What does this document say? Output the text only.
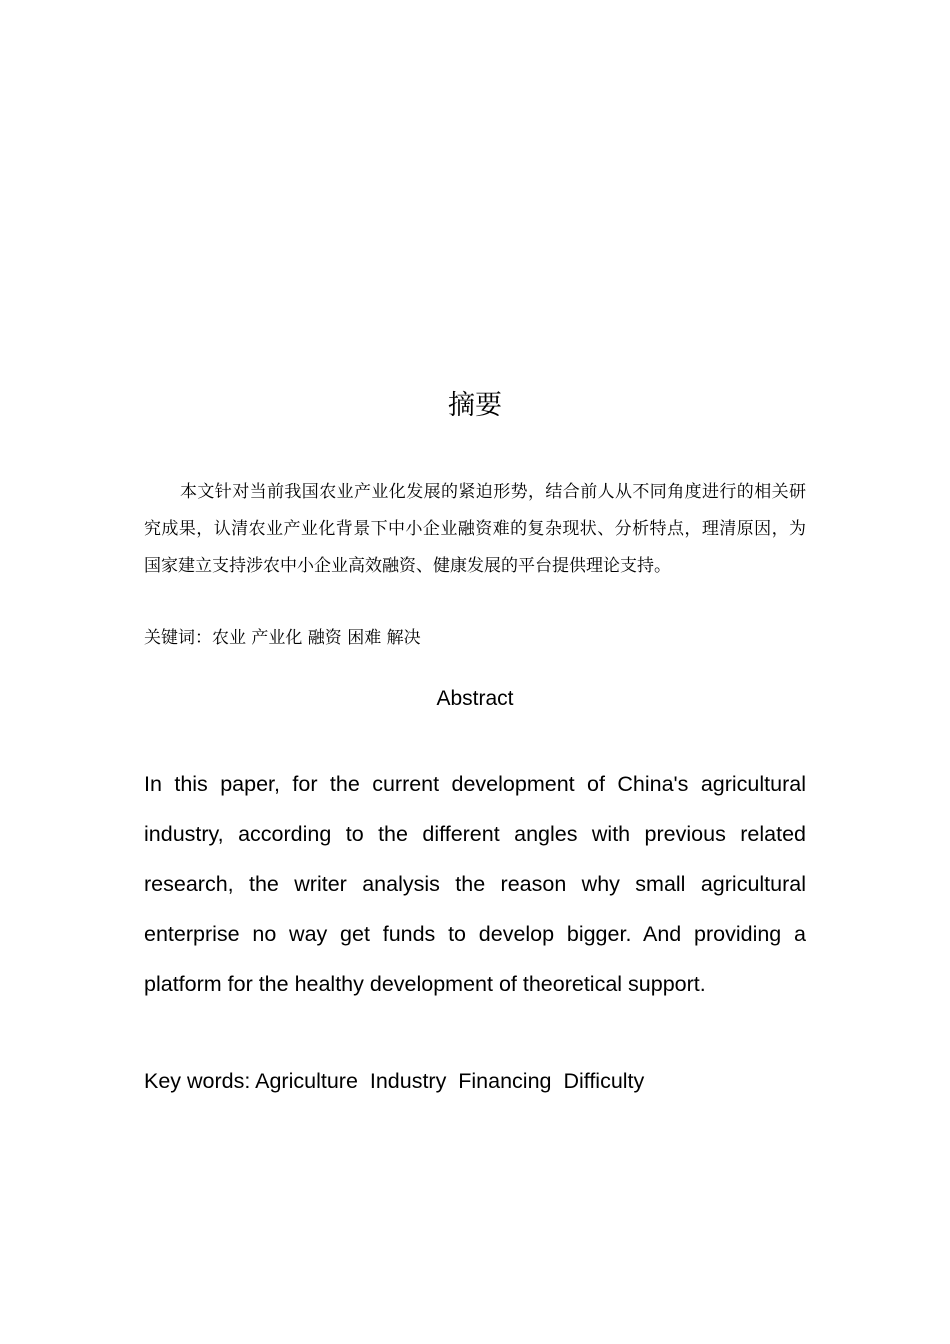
摘要

本文针对当前我国农业产业化发展的紧迫形势，结合前人从不同角度进行的相关研究成果，认清农业产业化背景下中小企业融资难的复杂现状、分析特点，理清原因，为国家建立支持涉农中小企业高效融资、健康发展的平台提供理论支持。

关键词：农业 产业化 融资 困难 解决
Abstract

In this paper, for the current development of China's agricultural industry, according to the different angles with previous related research, the writer analysis the reason why small agricultural enterprise no way get funds to develop bigger. And providing a platform for the healthy development of theoretical support.

Key words: Agriculture  Industry  Financing  Difficulty
